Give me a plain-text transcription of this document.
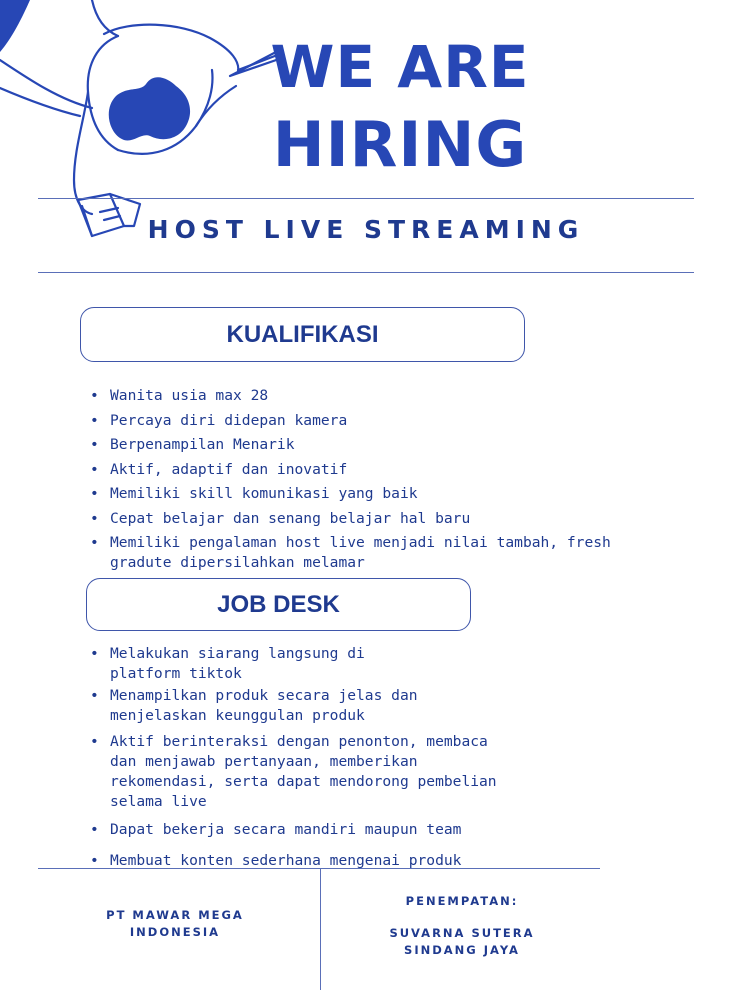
WE ARE
HIRING
HOST LIVE STREAMING
KUALIFIKASI
• Wanita usia max 28
• Percaya diri didepan kamera
• Berpenampilan Menarik
• Aktif, adaptif dan inovatif
• Memiliki skill komunikasi yang baik
• Cepat belajar dan senang belajar hal baru
• Memiliki pengalaman host live menjadi nilai tambah, fresh gradute dipersilahkan melamar
JOB DESK
• Melakukan siarang langsung di platform tiktok
• Menampilkan produk secara jelas dan menjelaskan keunggulan produk
• Aktif berinteraksi dengan penonton, membaca dan menjawab pertanyaan, memberikan rekomendasi, serta dapat mendorong pembelian selama live
• Dapat bekerja secara mandiri maupun team
• Membuat konten sederhana mengenai produk
PT MAWAR MEGA
INDONESIA
PENEMPATAN:
SUVARNA SUTERA
SINDANG JAYA
